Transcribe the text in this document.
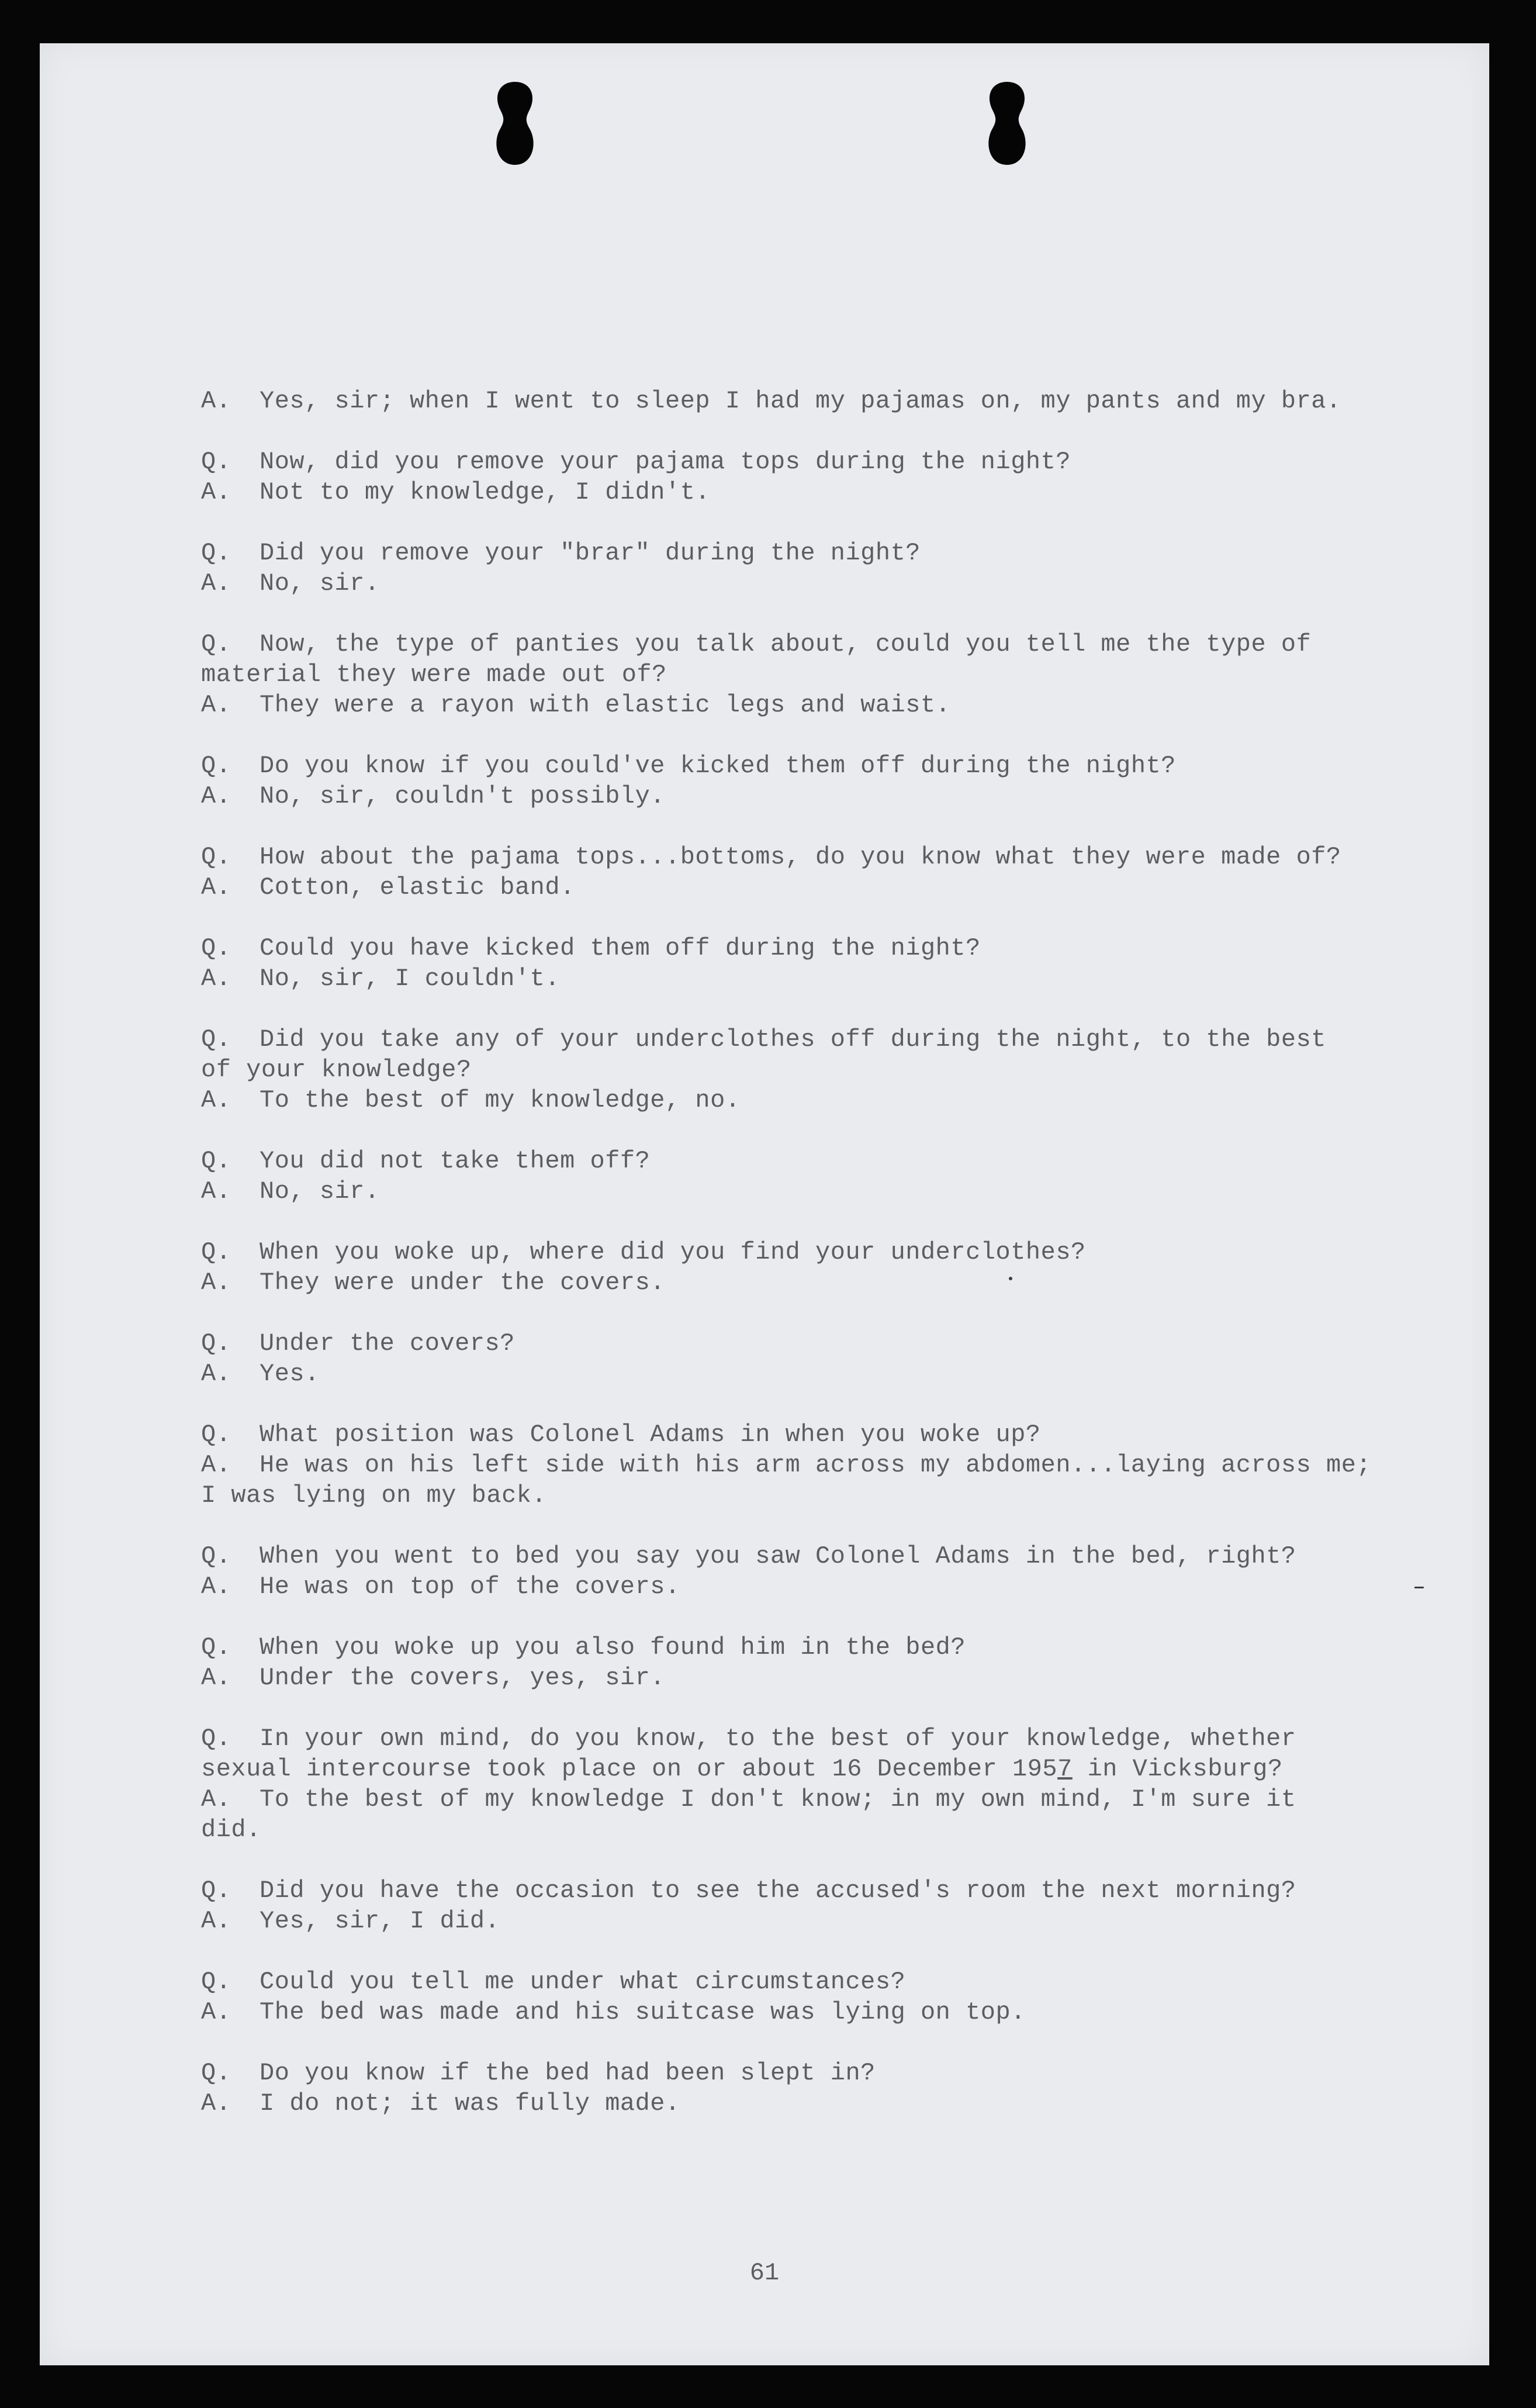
A. Yes, sir; when I went to sleep I had my pajamas on, my pants and my bra.
Q. Now, did you remove your pajama tops during the night?
A. Not to my knowledge, I didn't.
Q. Did you remove your "brar" during the night?
A. No, sir.
Q. Now, the type of panties you talk about, could you tell me the type of
material they were made out of?
A. They were a rayon with elastic legs and waist.
Q. Do you know if you could've kicked them off during the night?
A. No, sir, couldn't possibly.
Q. How about the pajama tops...bottoms, do you know what they were made of?
A. Cotton, elastic band.
Q. Could you have kicked them off during the night?
A. No, sir, I couldn't.
Q. Did you take any of your underclothes off during the night, to the best
of your knowledge?
A. To the best of my knowledge, no.
Q. You did not take them off?
A. No, sir.
Q. When you woke up, where did you find your underclothes?
A. They were under the covers.
Q. Under the covers?
A. Yes.
Q. What position was Colonel Adams in when you woke up?
A. He was on his left side with his arm across my abdomen...laying across me;
I was lying on my back.
Q. When you went to bed you say you saw Colonel Adams in the bed, right?
A. He was on top of the covers.
Q. When you woke up you also found him in the bed?
A. Under the covers, yes, sir.
Q. In your own mind, do you know, to the best of your knowledge, whether
sexual intercourse took place on or about 16 December 1957 in Vicksburg?
A. To the best of my knowledge I don't know; in my own mind, I'm sure it
did.
Q. Did you have the occasion to see the accused's room the next morning?
A. Yes, sir, I did.
Q. Could you tell me under what circumstances?
A. The bed was made and his suitcase was lying on top.
Q. Do you know if the bed had been slept in?
A. I do not; it was fully made.
61
